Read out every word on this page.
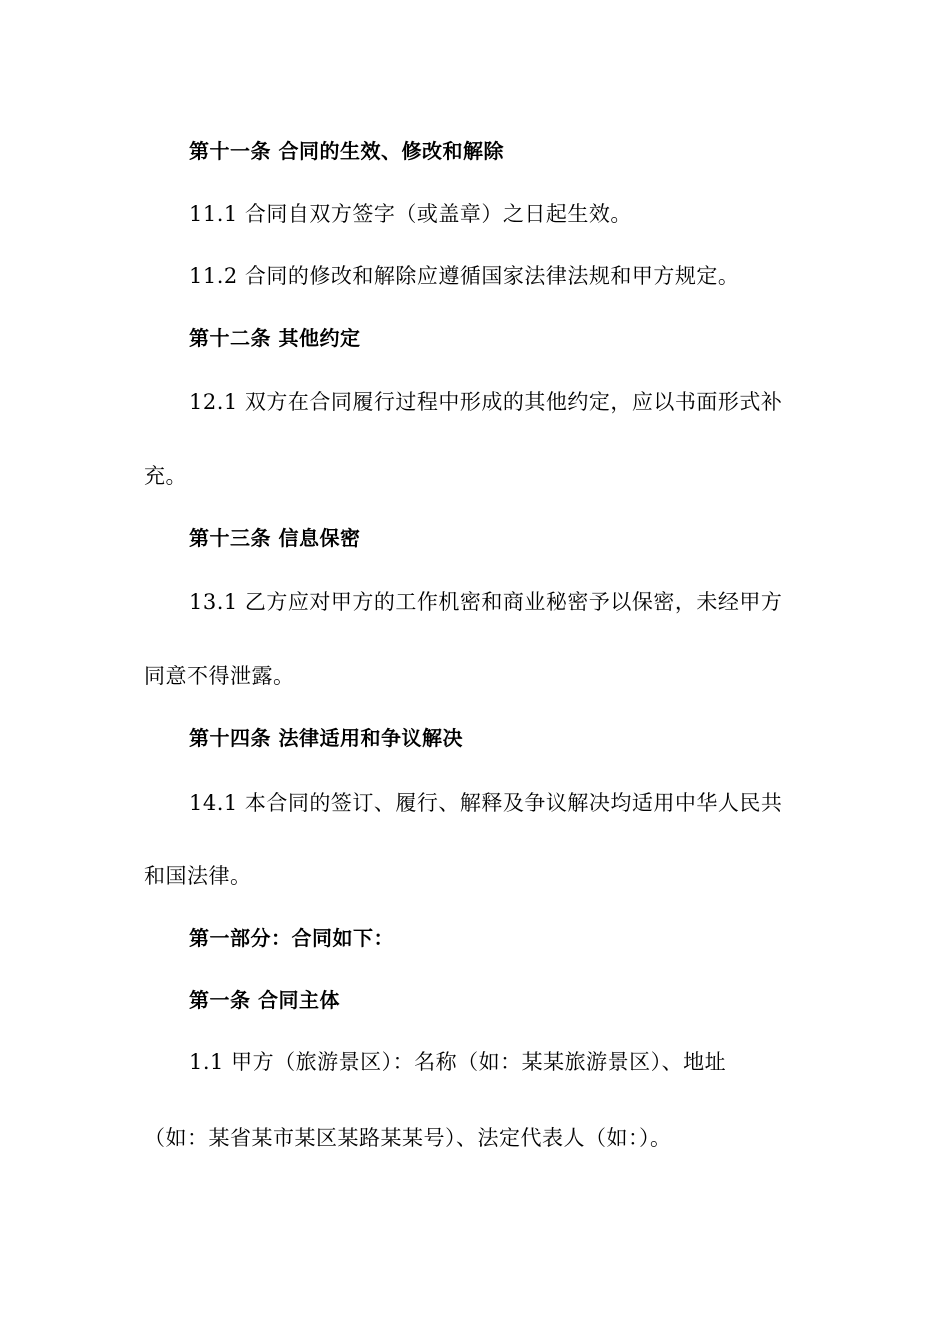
第十一条 合同的生效、修改和解除
11.1 合同自双方签字（或盖章）之日起生效。
11.2 合同的修改和解除应遵循国家法律法规和甲方规定。
第十二条 其他约定
12.1 双方在合同履行过程中形成的其他约定，应以书面形式补
充。
第十三条 信息保密
13.1 乙方应对甲方的工作机密和商业秘密予以保密，未经甲方
同意不得泄露。
第十四条 法律适用和争议解决
14.1 本合同的签订、履行、解释及争议解决均适用中华人民共
和国法律。
第一部分：合同如下：
第一条 合同主体
1.1 甲方（旅游景区）：名称（如：某某旅游景区）、地址
（如：某省某市某区某路某某号）、法定代表人（如：）。
